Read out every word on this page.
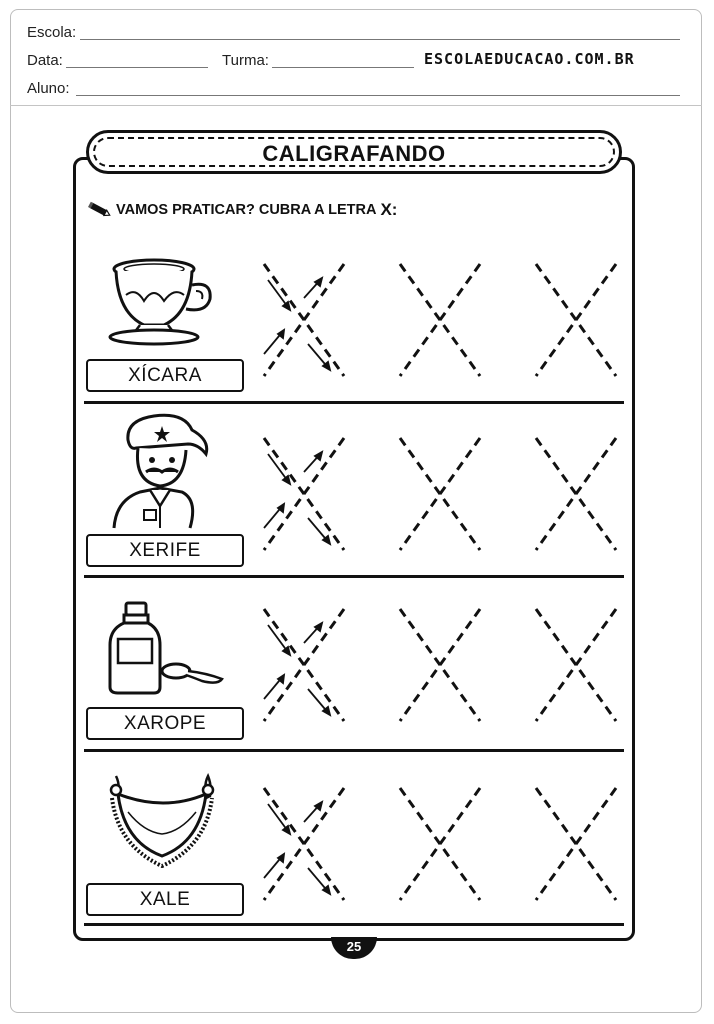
Escola:
Data:	Turma:	ESCOLAEDUCACAO.COM.BR
Aluno:
CALIGRAFANDO
VAMOS PRATICAR? CUBRA A LETRA X:
XÍCARA
XERIFE
XAROPE
XALE
25
